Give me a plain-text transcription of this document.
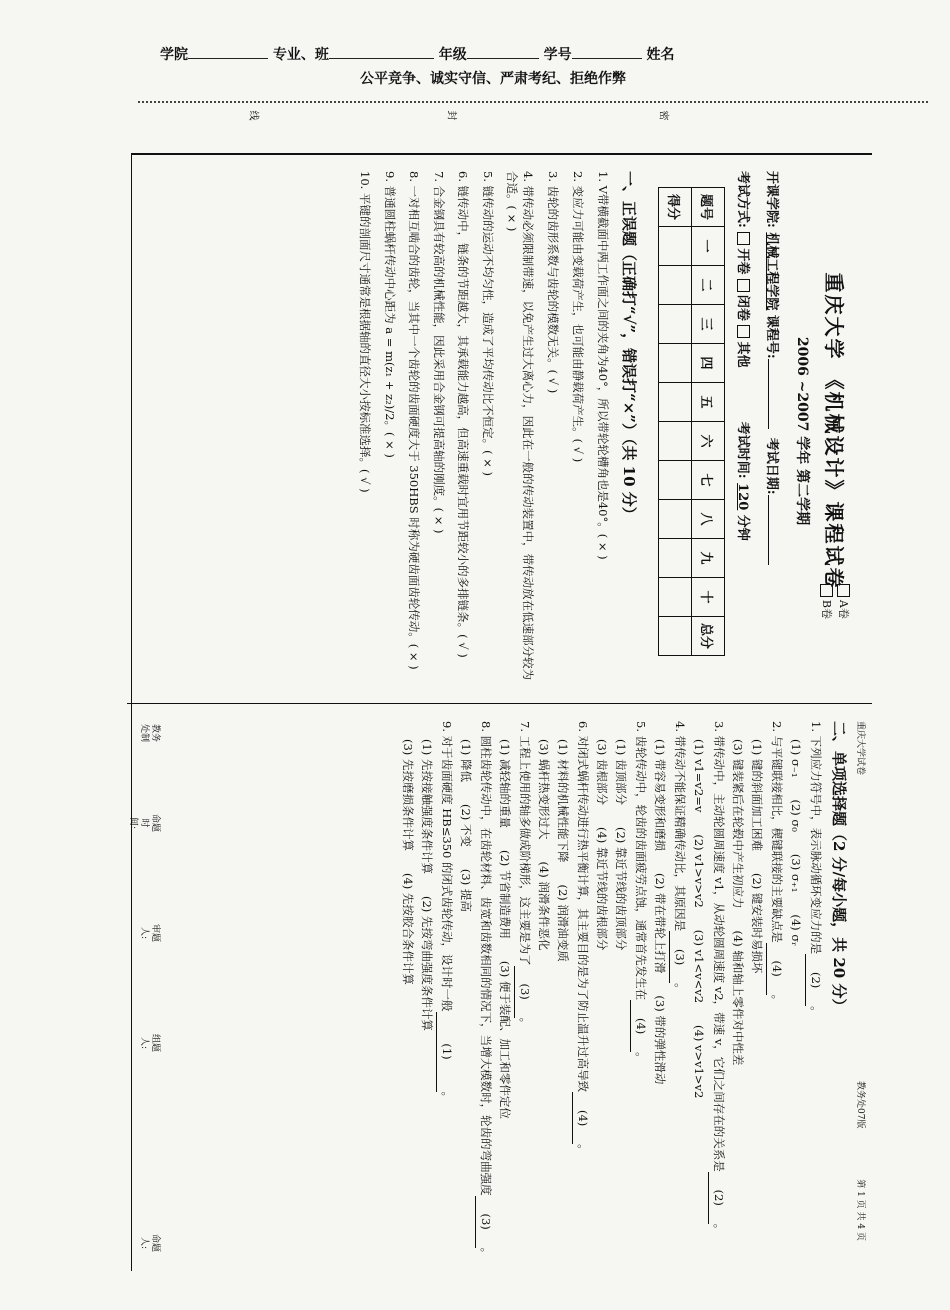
学院	专业、班	年级	学号	姓名
公平竞争、诚实守信、严肃考纪、拒绝作弊
密
封
线
A卷
B卷
重庆大学 《机械设计》课程试卷
2006 ~2007 学年 第二学期
开课学院: 机械工程学院 课程号:  考试日期:
考试方式: 开卷 闭卷 其他            考试时间: 120 分钟
题号	一	二	三	四	五	六	七	八	九	十	总分
得分											
一、正误题（正确打“√”，错误打“×”）（共 10 分）
1. V带横截面中两工作面之间的夹角为40°，所以带轮轮槽角也是40°。( × )
2. 变应力可能由变载荷产生，也可能由静载荷产生。( √ )
3. 齿轮的齿形系数与齿轮的模数无关。( √ )
4. 带传动必须限制带速，以免产生过大离心力，因此在一般的传动装置中，带传动放在低速部分较为合适。( × )
5. 链传动的运动不均匀性，造成了平均传动比不恒定。( × )
6. 链传动中，链条的节距越大，其承载能力越高，但高速重载时宜用节距较小的多排链条。( √ )
7. 合金钢具有较高的机械性能，因此采用合金钢可提高轴的刚度。( × )
8. 一对相互啮合的齿轮，当其中一个齿轮的齿面硬度大于 350HBS 时称为硬齿面齿轮传动。( × )
9. 普通圆柱蜗杆传动中心距为 a = m(z₁ + z₂)/2。( × )
10. 平键的剖面尺寸通常是根据轴的直径大小按标准选择。( √ )
重庆大学试卷
教务处07版
第 1 页 共 4 页
二、单项选择题（2 分/每小题，共 20 分）
1. 下列应力符号中，表示脉动循环变应力的是(2)。
(1) σ₋₁(2) σ₀(3) σ₊₁(4) σᵣ
2. 与平键联接相比，楔键联接的主要缺点是(4)。
(1) 键的斜面加工困难(2) 键安装时易损坏
(3) 键装紧后在轮毂中产生初应力(4) 轴和轴上零件对中性差
3. 带传动中，主动轮圆周速度 v1，从动轮圆周速度 v2，带速 v，它们之间存在的关系是(2)。
(1) v1=v2=v(2) v1>v>v2(3) v1<v<v2(4) v>v1>v2
4. 带传动不能保证精确传动比，其原因是(3)。
(1) 带容易变形和磨损(2) 带在带轮上打滑(3) 带的弹性滑动
5. 齿轮传动中，轮齿的齿面疲劳点蚀，通常首先发生在(4)。
(1) 齿顶部分(2) 靠近节线的齿顶部分
(3) 齿根部分(4) 靠近节线的齿根部分
6. 对闭式蜗杆传动进行热平衡计算，其主要目的是为了防止温升过高导致(4)。
(1) 材料的机械性能下降(2) 润滑油变质
(3) 蜗杆热变形过大(4) 润滑条件恶化
7. 工程上使用的轴多做成阶梯形，这主要是为了(3)。
(1) 减轻轴的重量(2) 节省制造费用(3) 便于装配、加工和零件定位
8. 圆柱齿轮传动中，在齿轮材料、齿宽和齿数相同的情况下，当增大模数时，轮齿的弯曲强度(3)。
(1) 降低(2) 不变(3) 提高
9. 对于齿面硬度 HB≤350 的闭式齿轮传动，设计时一般(1)。
(1) 先按接触强度条件计算(2) 先按弯曲强度条件计算
(3) 先按磨损条件计算(4) 先按胶合条件计算
命题人:
组题人:
审题人:
命题时间:
教务处制
